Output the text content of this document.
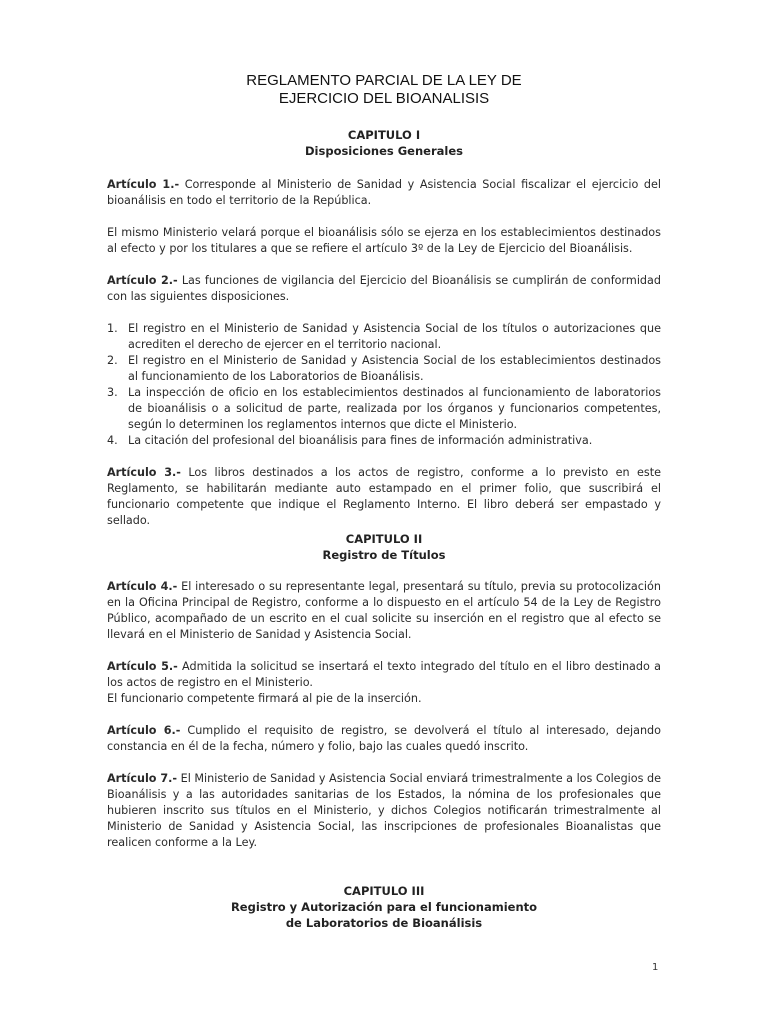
REGLAMENTO PARCIAL DE LA LEY DE

EJERCICIO DEL BIOANALISIS

CAPITULO I
Disposiciones Generales

Artículo 1.- Corresponde al Ministerio de Sanidad y Asistencia Social fiscalizar el ejercicio del bioanálisis en todo el territorio de la República.

El mismo Ministerio velará porque el bioanálisis sólo se ejerza en los establecimientos destinados al efecto y por los titulares a que se refiere el artículo 3º de la Ley de Ejercicio del Bioanálisis.

Artículo 2.- Las funciones de vigilancia del Ejercicio del Bioanálisis se cumplirán de conformidad con las siguientes disposiciones.

1. El registro en el Ministerio de Sanidad y Asistencia Social de los títulos o autorizaciones que acrediten el derecho de ejercer en el territorio nacional.
2. El registro en el Ministerio de Sanidad y Asistencia Social de los establecimientos destinados al funcionamiento de los Laboratorios de Bioanálisis.
3. La inspección de oficio en los establecimientos destinados al funcionamiento de laboratorios de bioanálisis o a solicitud de parte, realizada por los órganos y funcionarios competentes, según lo determinen los reglamentos internos que dicte el Ministerio.
4. La citación del profesional del bioanálisis para fines de información administrativa.

Artículo 3.- Los libros destinados a los actos de registro, conforme a lo previsto en este Reglamento, se habilitarán mediante auto estampado en el primer folio, que suscribirá el funcionario competente que indique el Reglamento Interno. El libro deberá ser empastado y sellado.

CAPITULO II
Registro de Títulos

Artículo 4.- El interesado o su representante legal, presentará su título, previa su protocolización en la Oficina Principal de Registro, conforme a lo dispuesto en el artículo 54 de la Ley de Registro Público, acompañado de un escrito en el cual solicite su inserción en el registro que al efecto se llevará en el Ministerio de Sanidad y Asistencia Social.

Artículo 5.- Admitida la solicitud se insertará el texto integrado del título en el libro destinado a los actos de registro en el Ministerio.

El funcionario competente firmará al pie de la inserción.

Artículo 6.- Cumplido el requisito de registro, se devolverá el título al interesado, dejando constancia en él de la fecha, número y folio, bajo las cuales quedó inscrito.

Artículo 7.- El Ministerio de Sanidad y Asistencia Social enviará trimestralmente a los Colegios de Bioanálisis y a las autoridades sanitarias de los Estados, la nómina de los profesionales que hubieren inscrito sus títulos en el Ministerio, y dichos Colegios notificarán trimestralmente al Ministerio de Sanidad y Asistencia Social, las inscripciones de profesionales Bioanalistas que realicen conforme a la Ley.

CAPITULO III
Registro y Autorización para el funcionamiento
de Laboratorios de Bioanálisis
1
